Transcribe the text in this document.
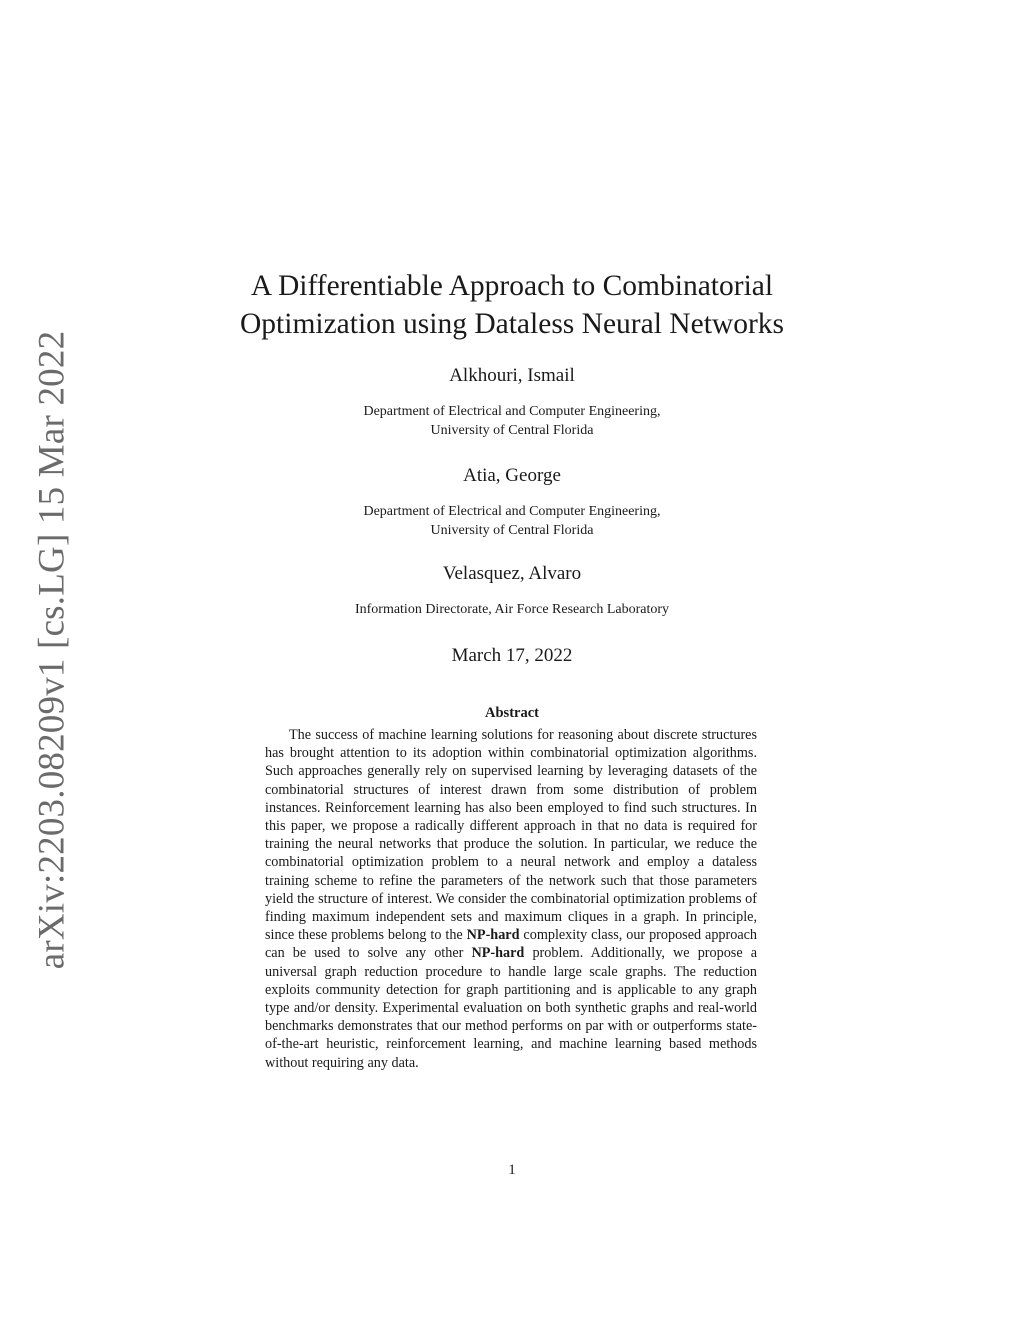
arXiv:2203.08209v1 [cs.LG] 15 Mar 2022
A Differentiable Approach to Combinatorial
Optimization using Dataless Neural Networks
Alkhouri, Ismail
Department of Electrical and Computer Engineering,
University of Central Florida
Atia, George
Department of Electrical and Computer Engineering,
University of Central Florida
Velasquez, Alvaro
Information Directorate, Air Force Research Laboratory
March 17, 2022
Abstract
The success of machine learning solutions for reasoning about discrete structures has brought attention to its adoption within combinatorial optimization algorithms. Such approaches generally rely on supervised learning by leveraging datasets of the combinatorial structures of interest drawn from some distribution of problem instances. Reinforcement learning has also been employed to find such structures. In this paper, we propose a radically different approach in that no data is required for training the neural networks that produce the solution. In particular, we reduce the combinatorial optimization problem to a neural network and employ a dataless training scheme to refine the parameters of the network such that those parameters yield the structure of interest. We consider the combinatorial optimization problems of finding maximum independent sets and maximum cliques in a graph. In principle, since these problems belong to the NP-hard complexity class, our proposed approach can be used to solve any other NP-hard problem. Additionally, we propose a universal graph reduction procedure to handle large scale graphs. The reduction exploits community detection for graph partitioning and is applicable to any graph type and/or density. Experimental evaluation on both synthetic graphs and real-world benchmarks demonstrates that our method performs on par with or outperforms state-of-the-art heuristic, reinforcement learning, and machine learning based methods without requiring any data.
1
